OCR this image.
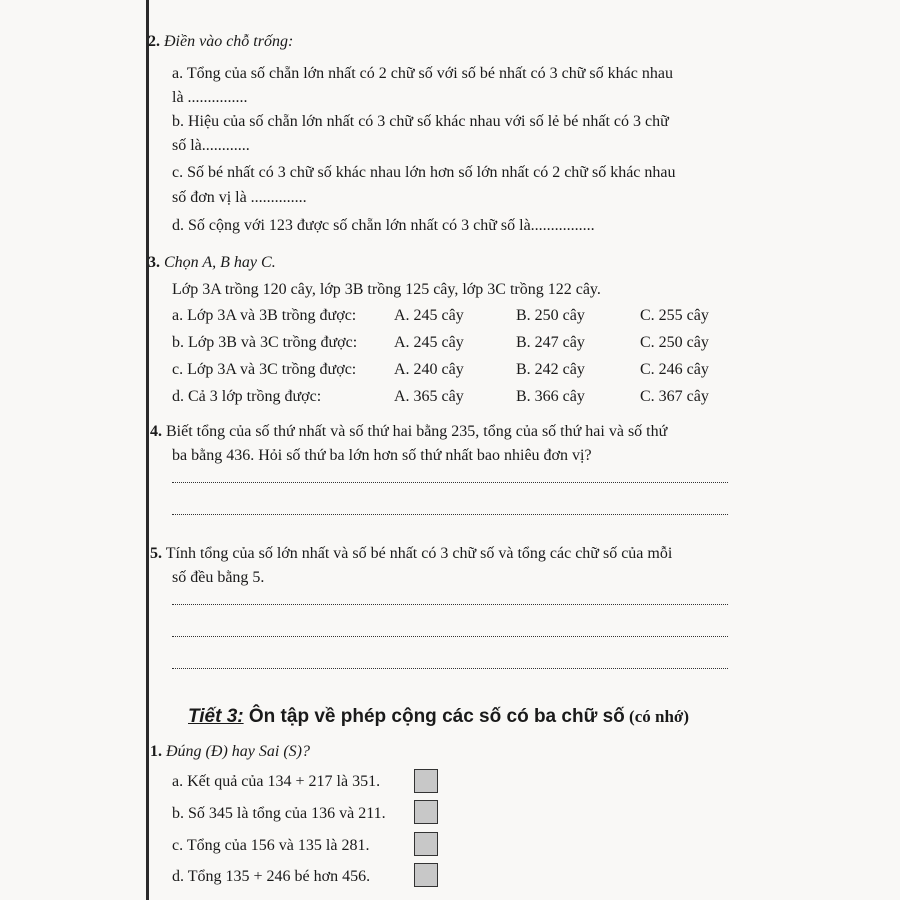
2. Điền vào chỗ trống:
a. Tổng của số chẵn lớn nhất có 2 chữ số với số bé nhất có 3 chữ số khác nhau
là ...............
b. Hiệu của số chẵn lớn nhất có 3 chữ số khác nhau với số lẻ bé nhất có 3 chữ
số là............
c. Số bé nhất có 3 chữ số khác nhau lớn hơn số lớn nhất có 2 chữ số khác nhau
số đơn vị là ..............
d. Số cộng với 123 được số chẵn lớn nhất có 3 chữ số là................
3. Chọn A, B hay C.
Lớp 3A trồng 120 cây, lớp 3B trồng 125 cây, lớp 3C trồng 122 cây.
a. Lớp 3A và 3B trồng được: A. 245 cây	B. 250 cây	C. 255 cây
b. Lớp 3B và 3C trồng được: A. 245 cây	B. 247 cây	C. 250 cây
c. Lớp 3A và 3C trồng được: A. 240 cây	B. 242 cây	C. 246 cây
d. Cả 3 lớp trồng được:	A. 365 cây	B. 366 cây	C. 367 cây
4. Biết tổng của số thứ nhất và số thứ hai bằng 235, tổng của số thứ hai và số thứ
ba bằng 436. Hỏi số thứ ba lớn hơn số thứ nhất bao nhiêu đơn vị?
5. Tính tổng của số lớn nhất và số bé nhất có 3 chữ số và tổng các chữ số của mỗi
số đều bằng 5.
Tiết 3: Ôn tập về phép cộng các số có ba chữ số (có nhớ)
1. Đúng (Đ) hay Sai (S)?
a. Kết quả của 134 + 217 là 351.
b. Số 345 là tổng của 136 và 211.
c. Tổng của 156 và 135 là 281.
d. Tổng 135 + 246 bé hơn 456.
